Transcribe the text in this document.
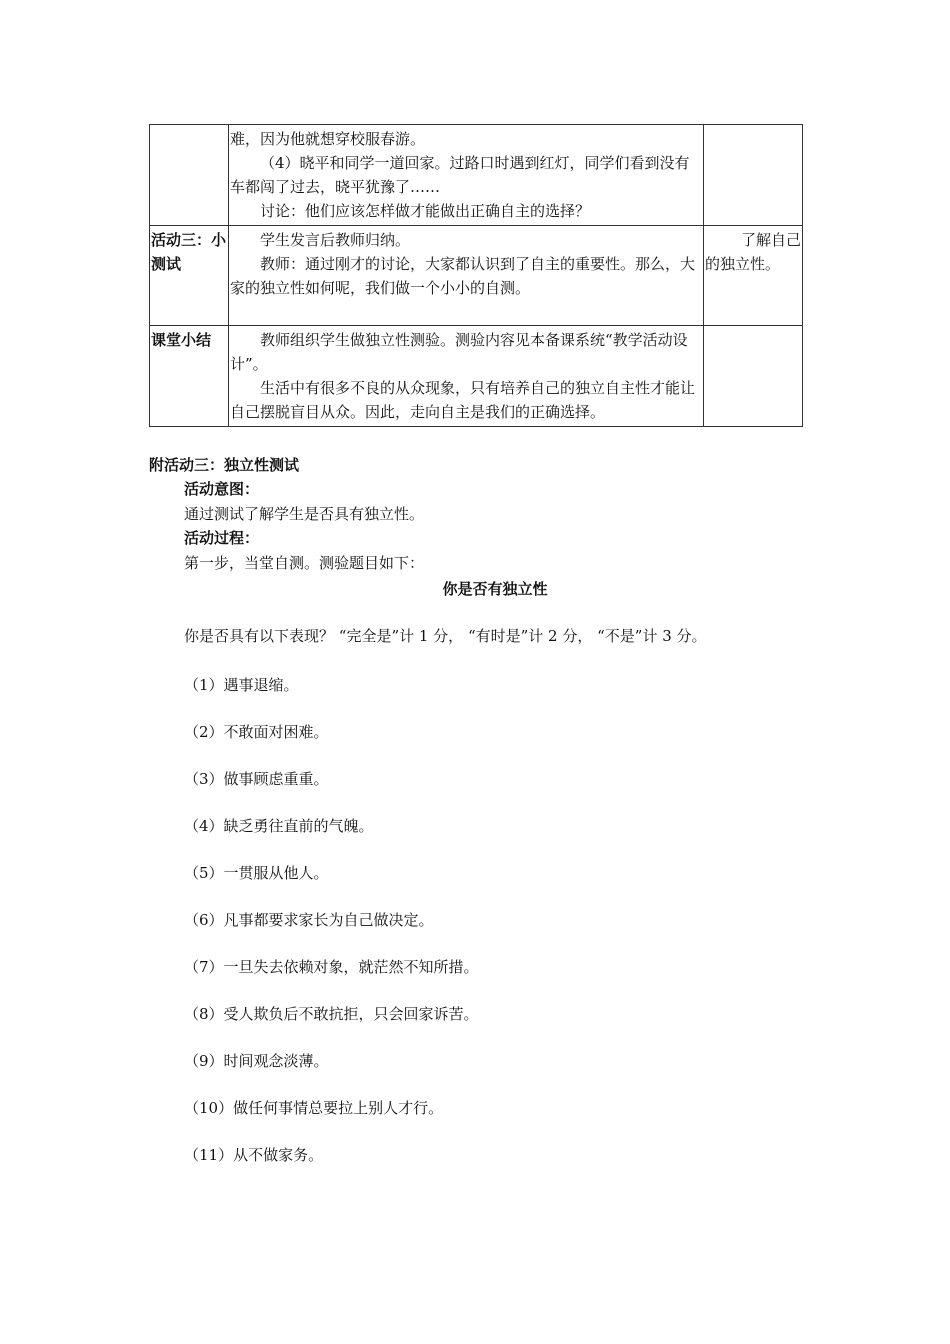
	难，因为他就想穿校服春游。

（4）晓平和同学一道回家。过路口时遇到红灯，同学们看到没有车都闯了过去，晓平犹豫了……

讨论：他们应该怎样做才能做出正确自主的选择？	

活动三：小测试	学生发言后教师归纳。

教师：通过刚才的讨论，大家都认识到了自主的重要性。那么，大家的独立性如何呢，我们做一个小小的自测。	了解自己的独立性。
课堂小结	教师组织学生做独立性测验。测验内容见本备课系统“教学活动设计”。

生活中有很多不良的从众现象，只有培养自己的独立自主性才能让自己摆脱盲目从众。因此，走向自主是我们的正确选择。	

附活动三：独立性测试
活动意图：
通过测试了解学生是否具有独立性。
活动过程：
第一步，当堂自测。测验题目如下：
你是否有独立性
你是否具有以下表现？ “完全是”计 1 分， “有时是”计 2 分， “不是”计 3 分。
（1）遇事退缩。
（2）不敢面对困难。
（3）做事顾虑重重。
（4）缺乏勇往直前的气魄。
（5）一贯服从他人。
（6）凡事都要求家长为自己做决定。
（7）一旦失去依赖对象，就茫然不知所措。
（8）受人欺负后不敢抗拒，只会回家诉苦。
（9）时间观念淡薄。
（10）做任何事情总要拉上别人才行。
（11）从不做家务。
